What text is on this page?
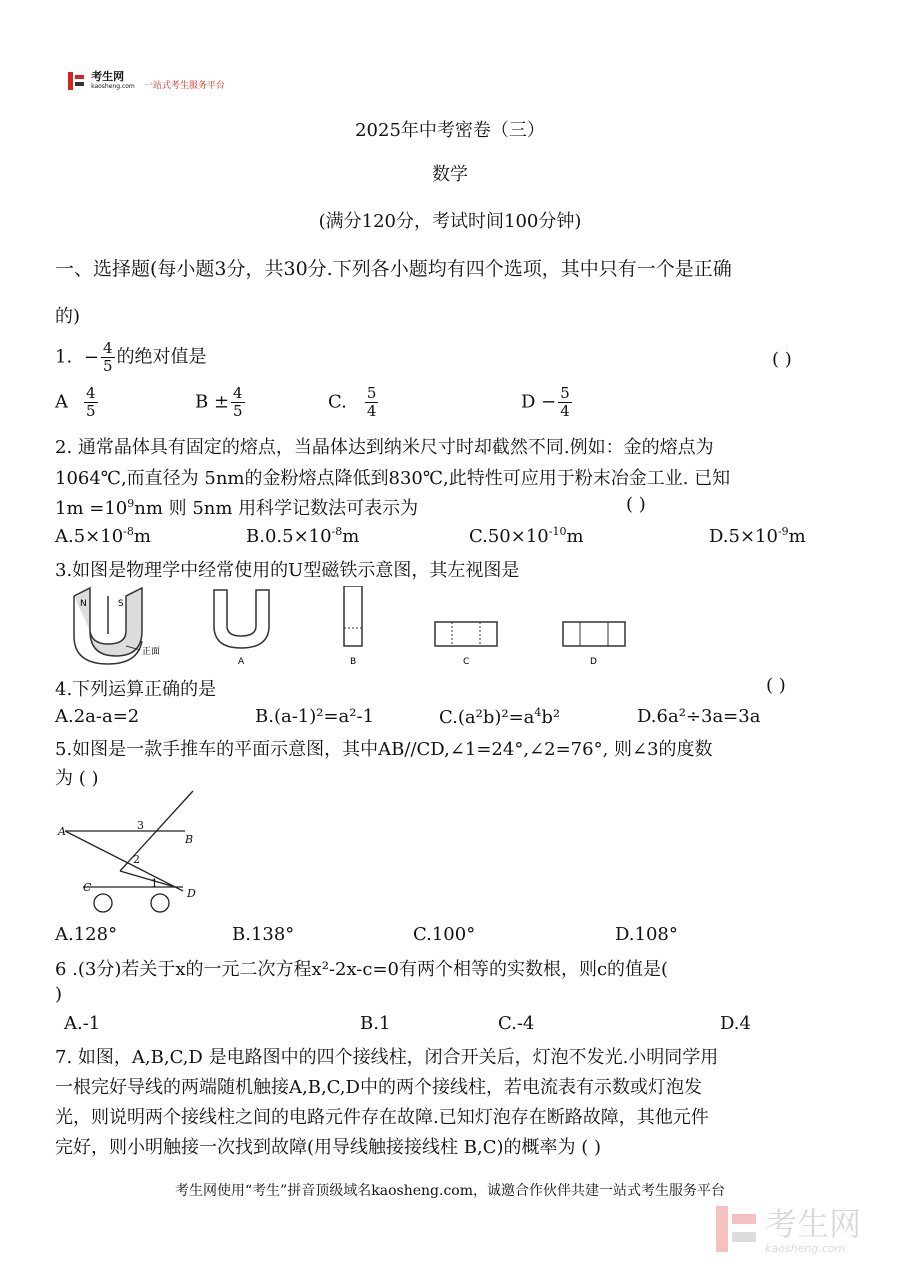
考生网
kaosheng.com 一站式考生服务平台
2025年中考密卷（三）
数学
(满分120分，考试时间100分钟)
一、选择题(每小题3分，共30分.下列各小题均有四个选项，其中只有一个是正确
的)
1. − $\frac{4}{5}$ 的绝对值是	( )
A $\frac{4}{5}$	$B \pm \frac{4}{5}$	C. $\frac{5}{4}$	$D - \frac{5}{4}$
2. 通常晶体具有固定的熔点，当晶体达到纳米尺寸时却截然不同.例如：金的熔点为
1064℃,而直径为 5nm的金粉熔点降低到830℃,此特性可应用于粉末冶金工业. 已知
$1m =10^9nm$ 则 5nm 用科学记数法可表示为	( )
$A.5\times 10^{-8}m$	$B.0.5\times 10^{-8}m$	$C.50\times 10^{-10}m$	$D.5\times 10^{-9}m$
3.如图是物理学中经常使用的U型磁铁示意图，其左视图是
N	S
正面
A	B	C	D
4.下列运算正确的是	( )
A.2a-a=2	B.(a-1)²=a²-1	$C.(a^2b)^2=a^4b^2$	D.6a²÷3a=3a
5.如图是一款手推车的平面示意图，其中AB//CD,∠1=24°,∠2=76°, 则∠3的度数
为 ( )
A
B
C	D
1
2
3
A.128°	B.138°	C.100°	D.108°
6 .(3分)若关于x的一元二次方程x²-2x-c=0有两个相等的实数根，则c的值是(
)
A.-1	B.1	C.-4	D.4
7. 如图，A,B,C,D 是电路图中的四个接线柱，闭合开关后，灯泡不发光.小明同学用
一根完好导线的两端随机触接A,B,C,D中的两个接线柱，若电流表有示数或灯泡发
光，则说明两个接线柱之间的电路元件存在故障.已知灯泡存在断路故障，其他元件
完好，则小明触接一次找到故障(用导线触接接线柱 B,C)的概率为 ( )
考生网使用“考生”拼音顶级域名kaosheng.com，诚邀合作伙伴共建一站式考生服务平台

考生网
kaosheng.com
